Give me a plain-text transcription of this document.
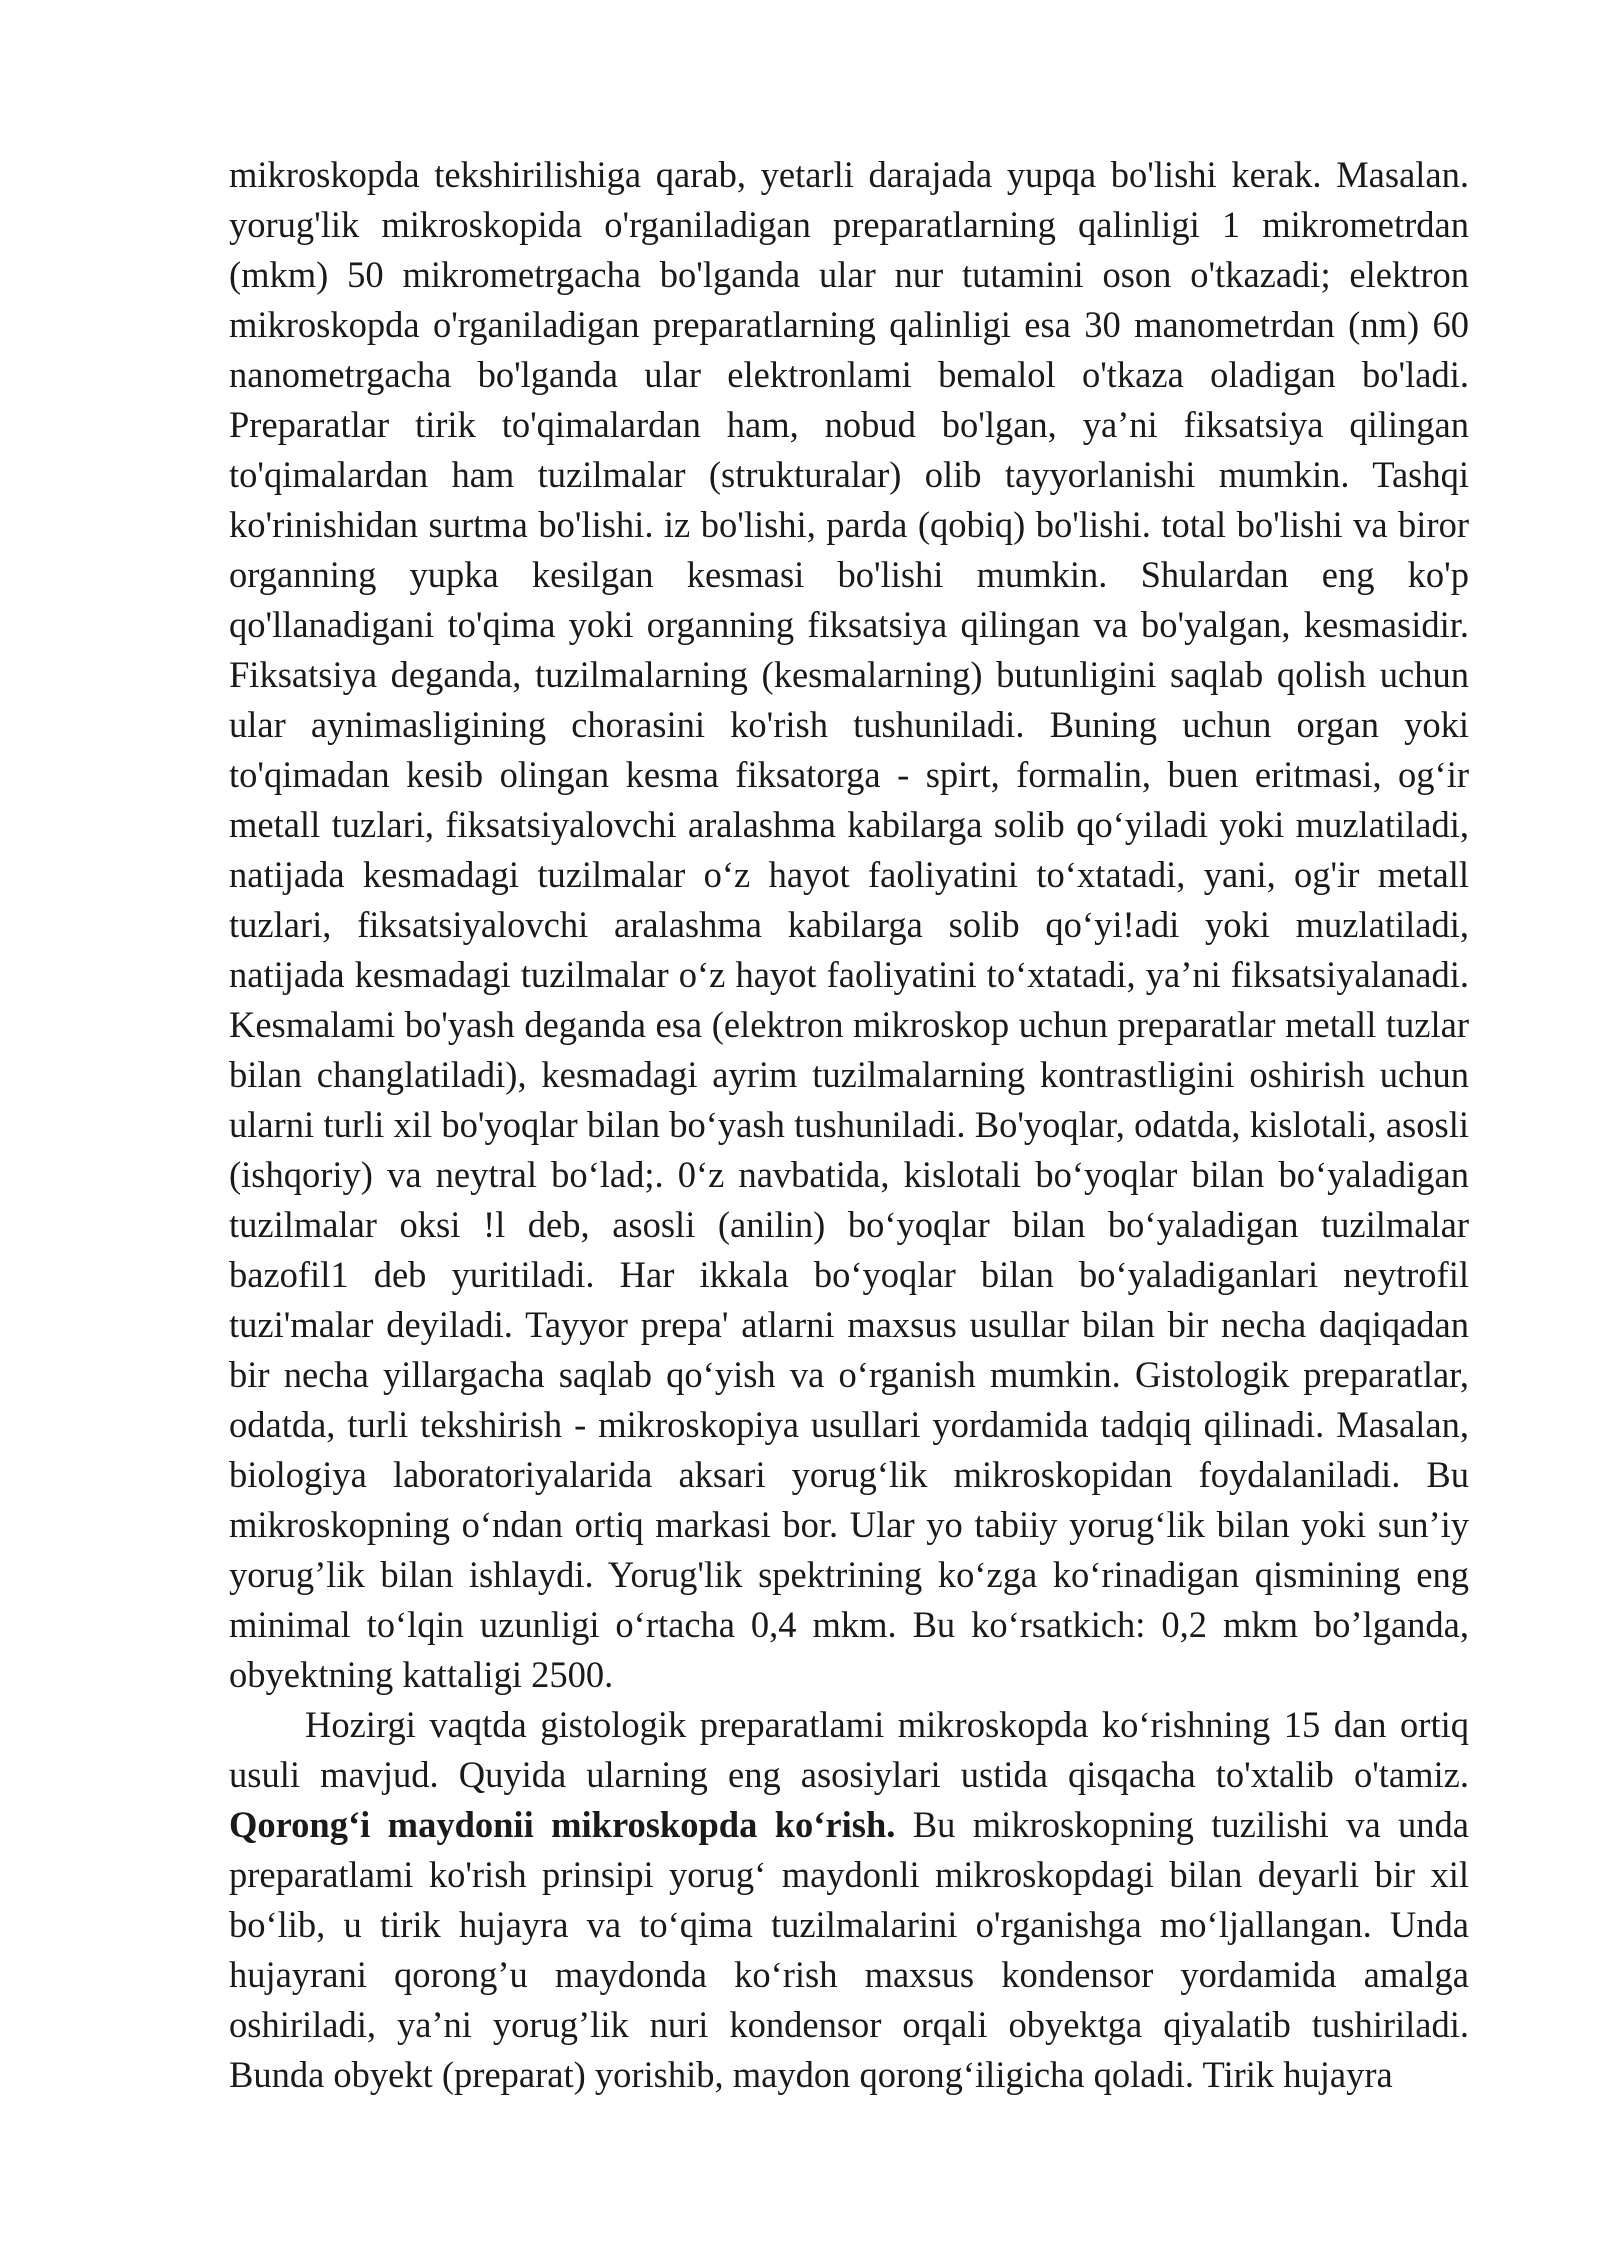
mikroskopda tekshirilishiga qarab, yetarli darajada yupqa bo'lishi kerak. Masalan. yorug'lik mikroskopida o'rganiladigan preparatlarning qalinligi 1 mikrometrdan (mkm) 50 mikrometrgacha bo'lganda ular nur tutamini oson o'tkazadi; elektron mikroskopda o'rganiladigan preparatlarning qalinligi esa 30 manometrdan (nm) 60 nanometrgacha bo'lganda ular elektronlami bemalol o'tkaza oladigan bo'ladi. Preparatlar tirik to'qimalardan ham, nobud bo'lgan, ya’ni fiksatsiya qilingan to'qimalardan ham tuzilmalar (strukturalar) olib tayyorlanishi mumkin. Tashqi ko'rinishidan surtma bo'lishi. iz bo'lishi, parda (qobiq) bo'lishi. total bo'lishi va biror organning yupka kesilgan kesmasi bo'lishi mumkin. Shulardan eng ko'p qo'llanadigani to'qima yoki organning fiksatsiya qilingan va bo'yalgan, kesmasidir. Fiksatsiya deganda, tuzilmalarning (kesmalarning) butunligini saqlab qolish uchun ular aynimasligining chorasini ko'rish tushuniladi. Buning uchun organ yoki to'qimadan kesib olingan kesma fiksatorga - spirt, formalin, buen eritmasi, og‘ir metall tuzlari, fiksatsiyalovchi aralashma kabilarga solib qo‘yiladi yoki muzlatiladi, natijada kesmadagi tuzilmalar o‘z hayot faoliyatini to‘xtatadi, yani, og'ir metall tuzlari, fiksatsiyalovchi aralashma kabilarga solib qo‘yi!adi yoki muzlatiladi, natijada kesmadagi tuzilmalar o‘z hayot faoliyatini to‘xtatadi, ya’ni fiksatsiyalanadi. Kesmalami bo'yash deganda esa (elektron mikroskop uchun preparatlar metall tuzlar bilan changlatiladi), kesmadagi ayrim tuzilmalarning kontrastligini oshirish uchun ularni turli xil bo'yoqlar bilan bo‘yash tushuniladi. Bo'yoqlar, odatda, kislotali, asosli (ishqoriy) va neytral bo‘lad;. 0‘z navbatida, kislotali bo‘yoqlar bilan bo‘yaladigan tuzilmalar oksi !l deb, asosli (anilin) bo‘yoqlar bilan bo‘yaladigan tuzilmalar bazofil1 deb yuritiladi. Har ikkala bo‘yoqlar bilan bo‘yaladiganlari neytrofil tuzi'malar deyiladi. Tayyor prepa' atlarni maxsus usullar bilan bir necha daqiqadan bir necha yillargacha saqlab qo‘yish va o‘rganish mumkin. Gistologik preparatlar, odatda, turli tekshirish - mikroskopiya usullari yordamida tadqiq qilinadi. Masalan, biologiya laboratoriyalarida aksari yorug‘lik mikroskopidan foydalaniladi. Bu mikroskopning o‘ndan ortiq markasi bor. Ular yo tabiiy yorug‘lik bilan yoki sun’iy yorug’lik bilan ishlaydi. Yorug'lik spektrining ko‘zga ko‘rinadigan qismining eng minimal to‘lqin uzunligi o‘rtacha 0,4 mkm. Bu ko‘rsatkich: 0,2 mkm bo’lganda, obyektning kattaligi 2500.

Hozirgi vaqtda gistologik preparatlami mikroskopda ko‘rishning 15 dan ortiq usuli mavjud. Quyida ularning eng asosiylari ustida qisqacha to'xtalib o'tamiz. Qorong‘i maydonii mikroskopda ko‘rish. Bu mikroskopning tuzilishi va unda preparatlami ko'rish prinsipi yorug‘ maydonli mikroskopdagi bilan deyarli bir xil bo‘lib, u tirik hujayra va to‘qima tuzilmalarini o'rganishga mo‘ljallangan. Unda hujayrani qorong’u maydonda ko‘rish maxsus kondensor yordamida amalga oshiriladi, ya’ni yorug’lik nuri kondensor orqali obyektga qiyalatib tushiriladi. Bunda obyekt (preparat) yorishib, maydon qorong‘iligicha qoladi. Tirik hujayra
